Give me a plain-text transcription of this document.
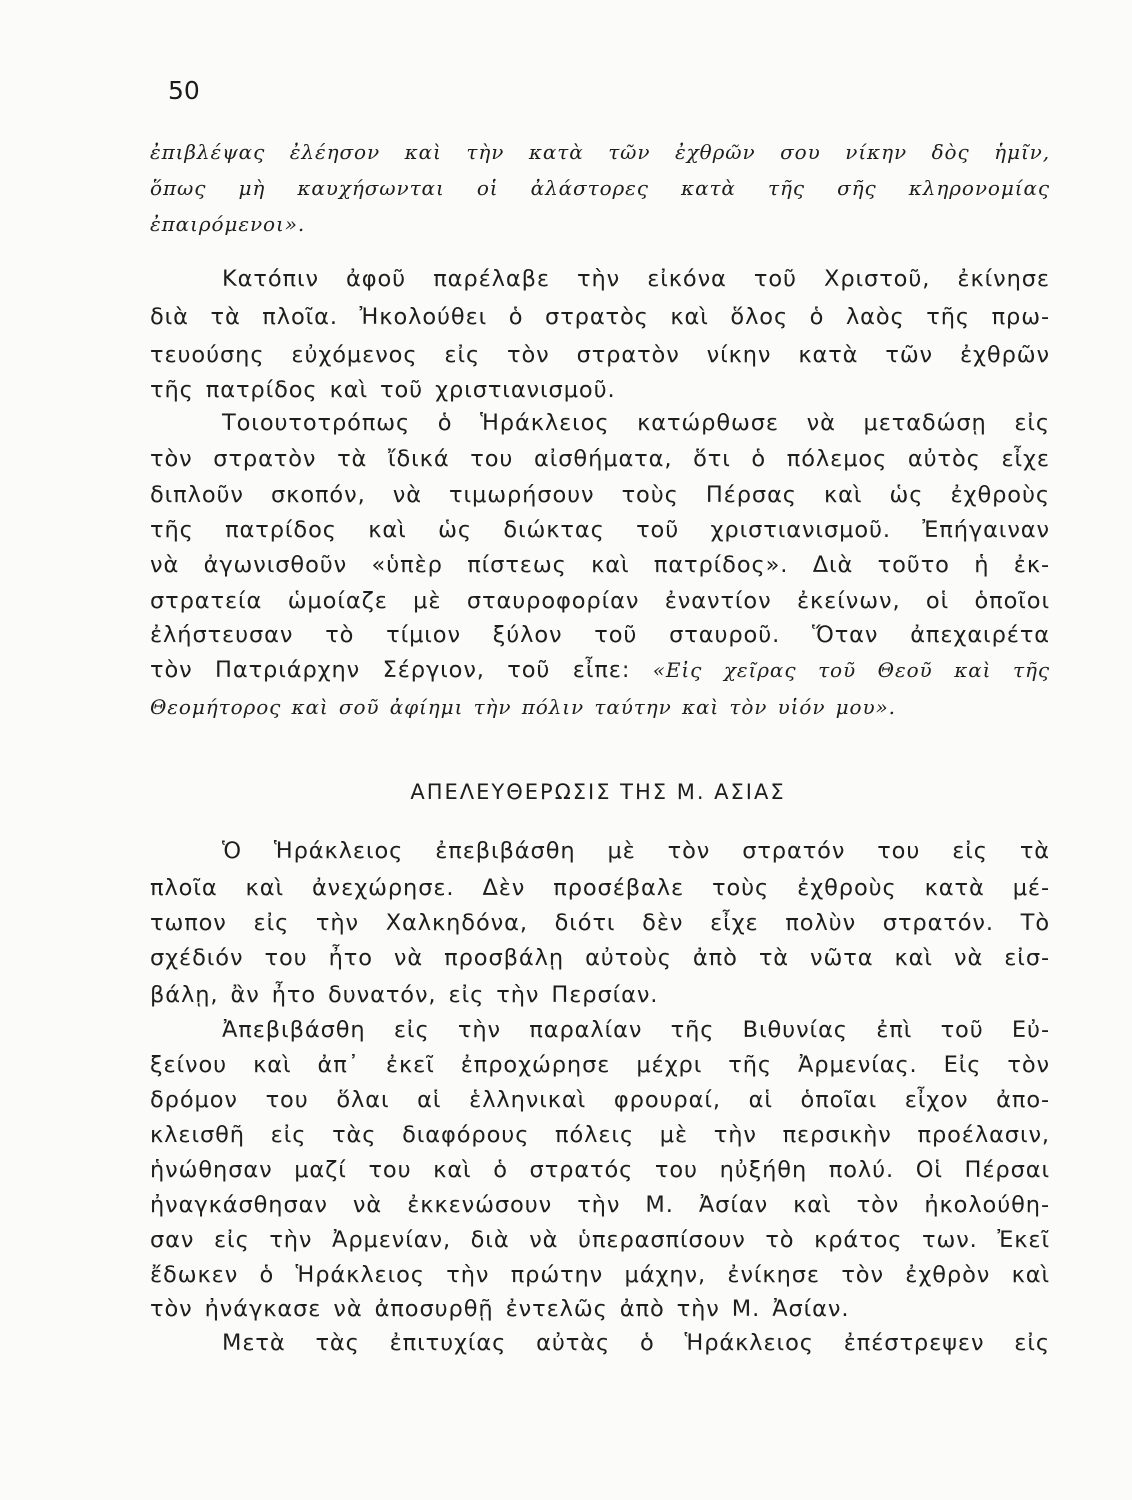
50
ἐπιβλέψας ἐλέησον καὶ τὴν κατὰ τῶν ἐχθρῶν σου νίκην δὸς ἡμῖν,
ὅπως μὴ καυχήσωνται οἱ ἀλάστορες κατὰ τῆς σῆς κληρονομίας
ἐπαιρόμενοι».
Κατόπιν ἀφοῦ παρέλαβε τὴν εἰκόνα τοῦ Χριστοῦ, ἐκίνησε
διὰ τὰ πλοῖα. Ἠκολούθει ὁ στρατὸς καὶ ὅλος ὁ λαὸς τῆς πρω-
τευούσης εὐχόμενος εἰς τὸν στρατὸν νίκην κατὰ τῶν ἐχθρῶν
τῆς πατρίδος καὶ τοῦ χριστιανισμοῦ.
Τοιουτοτρόπως ὁ Ἡράκλειος κατώρθωσε νὰ μεταδώσῃ εἰς
τὸν στρατὸν τὰ ἴδικά του αἰσθήματα, ὅτι ὁ πόλεμος αὐτὸς εἶχε
διπλοῦν σκοπόν, νὰ τιμωρήσουν τοὺς Πέρσας καὶ ὡς ἐχθροὺς
τῆς πατρίδος καὶ ὡς διώκτας τοῦ χριστιανισμοῦ. Ἐπήγαιναν
νὰ ἀγωνισθοῦν «ὑπὲρ πίστεως καὶ πατρίδος». Διὰ τοῦτο ἡ ἐκ-
στρατεία ὡμοίαζε μὲ σταυροφορίαν ἐναντίον ἐκείνων, οἱ ὁποῖοι
ἐλήστευσαν τὸ τίμιον ξύλον τοῦ σταυροῦ. Ὅταν ἀπεχαιρέτα
τὸν Πατριάρχην Σέργιον, τοῦ εἶπε: «Εἰς χεῖρας τοῦ Θεοῦ καὶ τῆς
Θεομήτορος καὶ σοῦ ἀφίημι τὴν πόλιν ταύτην καὶ τὸν υἱόν μου».
ΑΠΕΛΕΥΘΕΡΩΣΙΣ ΤΗΣ Μ. ΑΣΙΑΣ
Ὁ Ἡράκλειος ἐπεβιβάσθη μὲ τὸν στρατόν του εἰς τὰ
πλοῖα καὶ ἀνεχώρησε. Δὲν προσέβαλε τοὺς ἐχθροὺς κατὰ μέ-
τωπον εἰς τὴν Χαλκηδόνα, διότι δὲν εἶχε πολὺν στρατόν. Τὸ
σχέδιόν του ἦτο νὰ προσβάλῃ αὐτοὺς ἀπὸ τὰ νῶτα καὶ νὰ εἰσ-
βάλῃ, ἂν ἦτο δυνατόν, εἰς τὴν Περσίαν.
Ἀπεβιβάσθη εἰς τὴν παραλίαν τῆς Βιθυνίας ἐπὶ τοῦ Εὐ-
ξείνου καὶ ἀπ᾿ ἐκεῖ ἐπροχώρησε μέχρι τῆς Ἀρμενίας. Εἰς τὸν
δρόμον του ὅλαι αἱ ἑλληνικαὶ φρουραί, αἱ ὁποῖαι εἶχον ἀπο-
κλεισθῆ εἰς τὰς διαφόρους πόλεις μὲ τὴν περσικὴν προέλασιν,
ἡνώθησαν μαζί του καὶ ὁ στρατός του ηὐξήθη πολύ. Οἱ Πέρσαι
ἠναγκάσθησαν νὰ ἐκκενώσουν τὴν Μ. Ἀσίαν καὶ τὸν ἠκολούθη-
σαν εἰς τὴν Ἀρμενίαν, διὰ νὰ ὑπερασπίσουν τὸ κράτος των. Ἐκεῖ
ἔδωκεν ὁ Ἡράκλειος τὴν πρώτην μάχην, ἐνίκησε τὸν ἐχθρὸν καὶ
τὸν ἠνάγκασε νὰ ἀποσυρθῇ ἐντελῶς ἀπὸ τὴν Μ. Ἀσίαν.
Μετὰ τὰς ἐπιτυχίας αὐτὰς ὁ Ἡράκλειος ἐπέστρεψεν εἰς
